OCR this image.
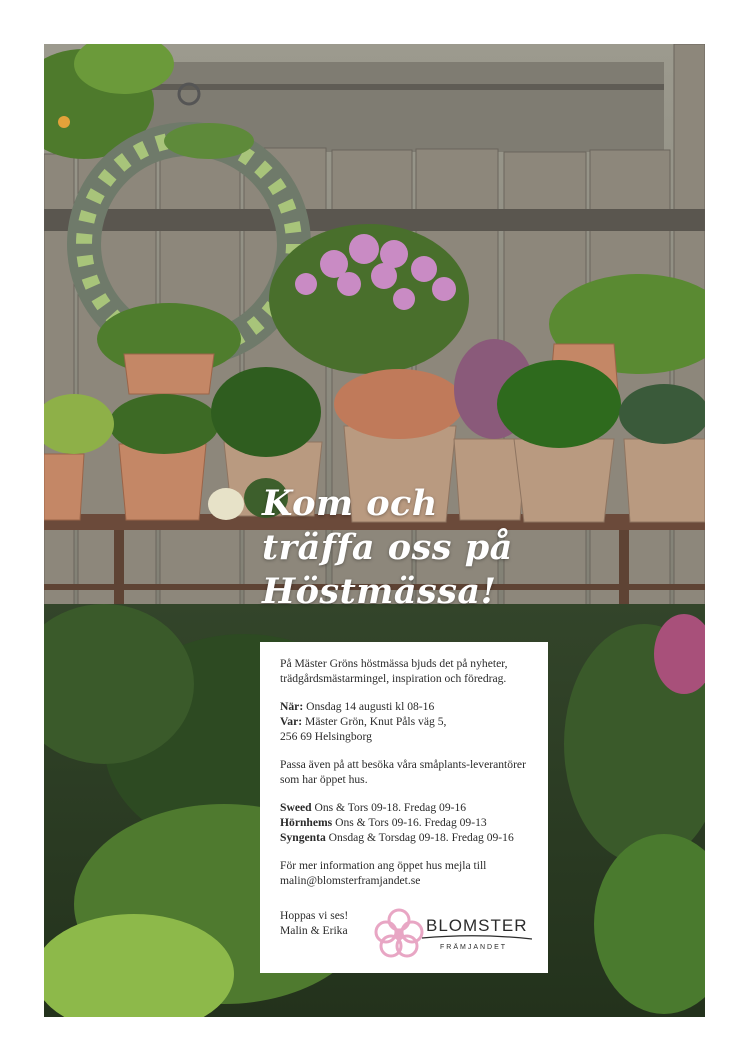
Kom och
träffa oss på
Höstmässa!

På Mäster Gröns höstmässa bjuds det på nyheter, trädgårdsmästarmingel, inspiration och föredrag.

När: Onsdag 14 augusti kl 08-16
Var: Mäster Grön, Knut Påls väg 5,
256 69 Helsingborg

Passa även på att besöka våra småplants-leverantörer som har öppet hus.

Sweed Ons & Tors 09-18. Fredag 09-16
Hörnhems Ons & Tors 09-16. Fredag 09-13
Syngenta Onsdag & Torsdag 09-18. Fredag 09-16

För mer information ang öppet hus mejla till
malin@blomsterframjandet.se

Hoppas vi ses!
Malin & Erika	BLOMSTER
FRÄMJANDET
